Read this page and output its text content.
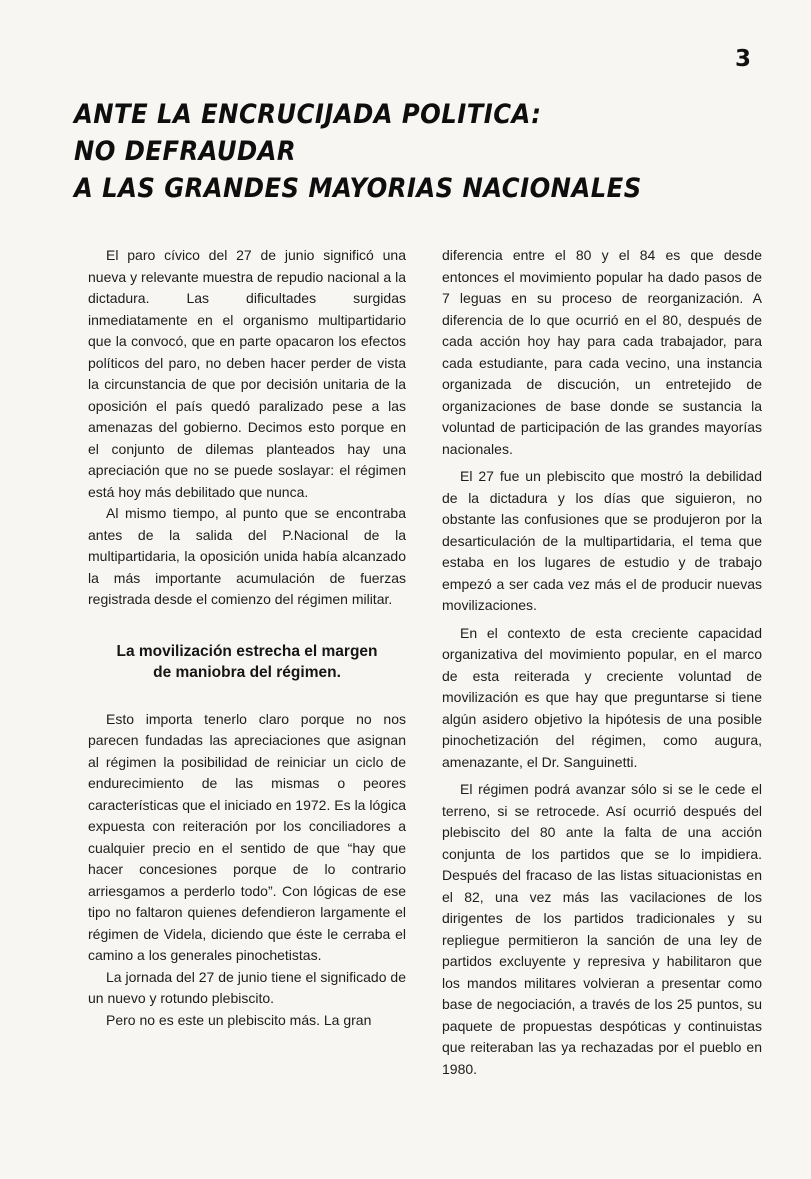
3
ANTE LA ENCRUCIJADA POLITICA:
NO DEFRAUDAR
A LAS GRANDES MAYORIAS NACIONALES

El paro cívico del 27 de junio significó una nueva y relevante muestra de repudio nacional a la dictadura. Las dificultades surgidas inmediatamente en el organismo multipartidario que la convocó, que en parte opacaron los efectos políticos del paro, no deben hacer perder de vista la circunstancia de que por decisión unitaria de la oposición el país quedó paralizado pese a las amenazas del gobierno. Decimos esto porque en el conjunto de dilemas planteados hay una apreciación que no se puede soslayar: el régimen está hoy más debilitado que nunca.

Al mismo tiempo, al punto que se encontraba antes de la salida del P.Nacional de la multipartidaria, la oposición unida había alcanzado la más importante acumulación de fuerzas registrada desde el comienzo del régimen militar.

La movilización estrecha el margen
de maniobra del régimen.

Esto importa tenerlo claro porque no nos parecen fundadas las apreciaciones que asignan al régimen la posibilidad de reiniciar un ciclo de endurecimiento de las mismas o peores características que el iniciado en 1972. Es la lógica expuesta con reiteración por los conciliadores a cualquier precio en el sentido de que “hay que hacer concesiones porque de lo contrario arriesgamos a perderlo todo”. Con lógicas de ese tipo no faltaron quienes defendieron largamente el régimen de Videla, diciendo que éste le cerraba el camino a los generales pinochetistas.

La jornada del 27 de junio tiene el significado de un nuevo y rotundo plebiscito.

Pero no es este un plebiscito más. La gran

diferencia entre el 80 y el 84 es que desde entonces el movimiento popular ha dado pasos de 7 leguas en su proceso de reorganización. A diferencia de lo que ocurrió en el 80, después de cada acción hoy hay para cada trabajador, para cada estudiante, para cada vecino, una instancia organizada de discución, un entretejido de organizaciones de base donde se sustancia la voluntad de participación de las grandes mayorías nacionales.

El 27 fue un plebiscito que mostró la debilidad de la dictadura y los días que siguieron, no obstante las confusiones que se produjeron por la desarticulación de la multipartidaria, el tema que estaba en los lugares de estudio y de trabajo empezó a ser cada vez más el de producir nuevas movilizaciones.

En el contexto de esta creciente capacidad organizativa del movimiento popular, en el marco de esta reiterada y creciente voluntad de movilización es que hay que preguntarse si tiene algún asidero objetivo la hipótesis de una posible pinochetización del régimen, como augura, amenazante, el Dr. Sanguinetti.

El régimen podrá avanzar sólo si se le cede el terreno, si se retrocede. Así ocurrió después del plebiscito del 80 ante la falta de una acción conjunta de los partidos que se lo impidiera. Después del fracaso de las listas situacionistas en el 82, una vez más las vacilaciones de los dirigentes de los partidos tradicionales y su repliegue permitieron la sanción de una ley de partidos excluyente y represiva y habilitaron que los mandos militares volvieran a presentar como base de negociación, a través de los 25 puntos, su paquete de propuestas despóticas y continuistas que reiteraban las ya rechazadas por el pueblo en 1980.
